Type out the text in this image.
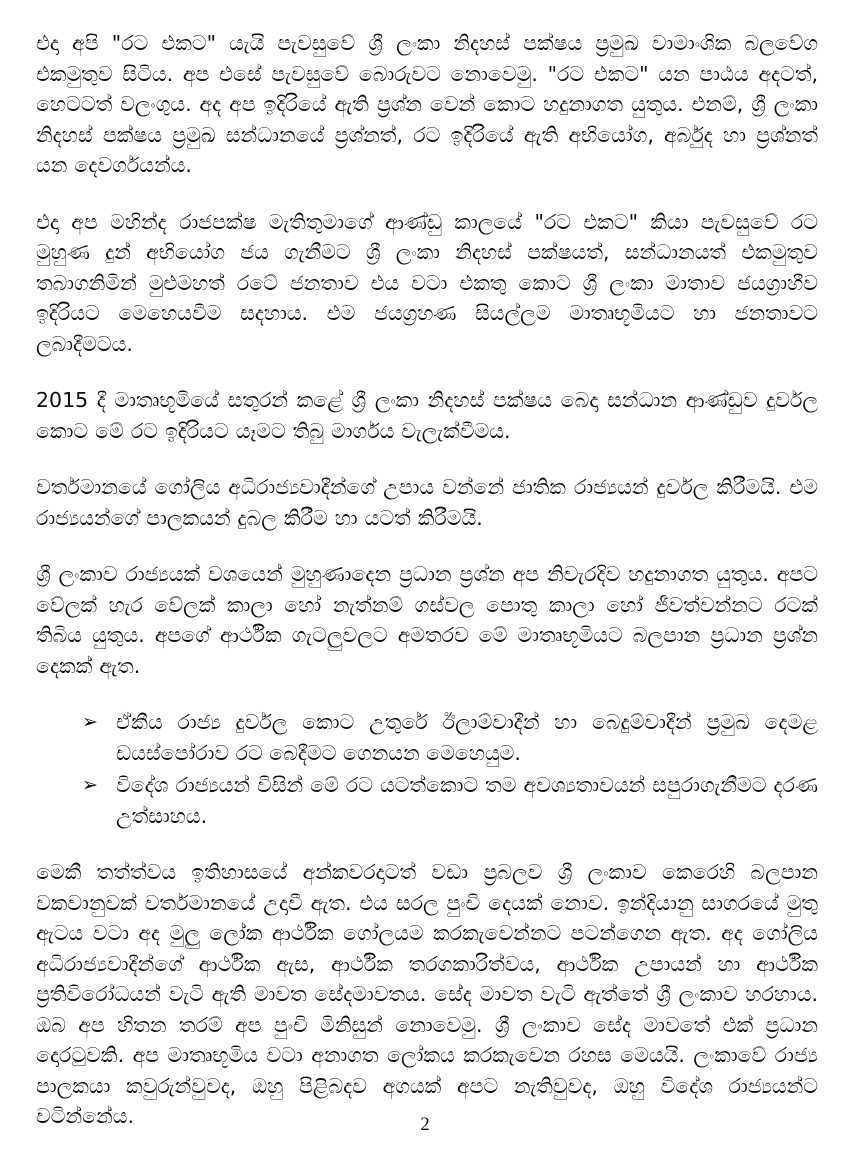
එදා අපි "රට එකට" යැයි පැවසුවේ ශ්‍රී ලංකා නිදහස් පක්ෂය ප්‍රමුඛ වාමාංශික බලවේග එකමුතුව සිටිය. අප එසේ පැවසුවේ බොරුවට නොවෙමු. "රට එකට" යන පාඨය අදටත්, හෙටටත් වලංගුය. අද අප ඉදිරියේ ඇති ප්‍රශ්න වෙන් කොට හදුනාගත යුතුය. එනම්, ශ්‍රී ලංකා නිදහස් පක්ෂය ප්‍රමුඛ සන්ධානයේ ප්‍රශ්නත්, රට ඉදිරියේ ඇති අභියෝග, අර්බුද හා ප්‍රශ්නත් යන දෙවර්ගයන්ය.

එදා අප මහින්ද රාජපක්ෂ මැතිතුමාගේ ආණ්ඩු කාලයේ "රට එකට" කියා පැවසුවේ රට මුහුණ දුන් අභියෝග ජය ගැනීමට ශ්‍රී ලංකා නිදහස් පක්ෂයත්, සන්ධානයත් එකමුතුව තබාගනිමින් මුළුමහත් රටේ ජනතාව එය වටා එකතු කොට ශ්‍රී ලංකා මාතාව ජයග්‍රාහීව ඉදිරියට මෙහෙයවීම සදහාය. එම ජයග්‍රහණ සියල්ලම මාතෘභූමියට හා ජනතාවට ලබාදීමටය.

2015 දී මාතෘභූමියේ සතුරන් කළේ ශ්‍රී ලංකා නිදහස් පක්ෂය බෙදා සන්ධාන ආණ්ඩුව දුර්වල කොට මේ රට ඉදිරියට යෑමට තිබු මාර්ගය වැලැක්වීමය.

වර්තමානයේ ගෝලිය අධිරාජ්‍යවාදීන්ගේ උපාය වන්නේ ජාතික රාජ්‍යයන් දුර්වල කිරීමයි. එම රාජ්‍යයන්ගේ පාලකයන් දුබල කිරීම හා යටත් කිරීමයි.

ශ්‍රී ලංකාව රාජ්‍යයක් වශයෙන් මුහුණාදෙන ප්‍රධාන ප්‍රශ්න අප නිවැරදිව හදුනාගත යුතුය. අපට වේලක් හැර වේලක් කාලා හෝ නැත්නම් ගස්වල පොතු කාලා හෝ ජීවත්වන්නට රටක් තිබිය යුතුය. අපගේ ආර්ථික ගැටලුවලට අමතරව මේ මාතෘභූමියට බලපාන ප්‍රධාන ප්‍රශ්න දෙකක් ඇත.

➢ ඒකීය රාජ්‍ය දුර්වල කොට උතුරේ ඊලාම්වාදීන් හා බෙදුම්වාදීන් ප්‍රමුඛ දෙමළ ඩයස්පෝරාව රට බෙදීමට ගෙනයන මෙහෙයුම.
➢ විදේශ රාජ්‍යයන් විසින් මේ රට යටත්කොට තම අවශ්‍යතාවයන් සපුරාගැනීමට දරණ උත්සාහය.

මෙකී තත්ත්වය ඉතිහාසයේ අන්කවරදාටත් වඩා ප්‍රබලව ශ්‍රී ලංකාව කෙරෙහි බලපාන වකවානුවක් වර්තමානයේ උදාවී ඇත. එය සරල පුංචි දෙයක් නොව. ඉන්දියානු සාගරයේ මුතු ඇටය වටා අද මුලු ලෝක ආර්ථික ගෝලයම කරකැවෙන්නට පටන්ගෙන ඇත. අද ගෝලිය අධිරාජ්‍යවාදීන්ගේ ආර්ථික ඇස, ආර්ථික තරගකාරිත්වය, ආර්ථික උපායන් හා ආර්ථික ප්‍රතිවිරෝධයන් වැටි ඇති මාවත සේදමාවතය. සේද මාවත වැටි ඇත්තේ ශ්‍රී ලංකාව හරහාය. ඔබ අප හිතන තරම් අප පුංචි මිනිසුන් නොවෙමු. ශ්‍රී ලංකාව සේද මාවතේ එක් ප්‍රධාන දොරටුවකි. අප මාතෘභූමිය වටා අනාගත ලෝකය කරකැවෙන රහස මෙයයි. ලංකාවේ රාජ්‍ය පාලකයා කවුරුන්වුවද, ඔහු පිළිබදව අගයක් අපට නැතිවුවද, ඔහු විදේශ රාජ්‍යයන්ට වටින්නේය.	2
